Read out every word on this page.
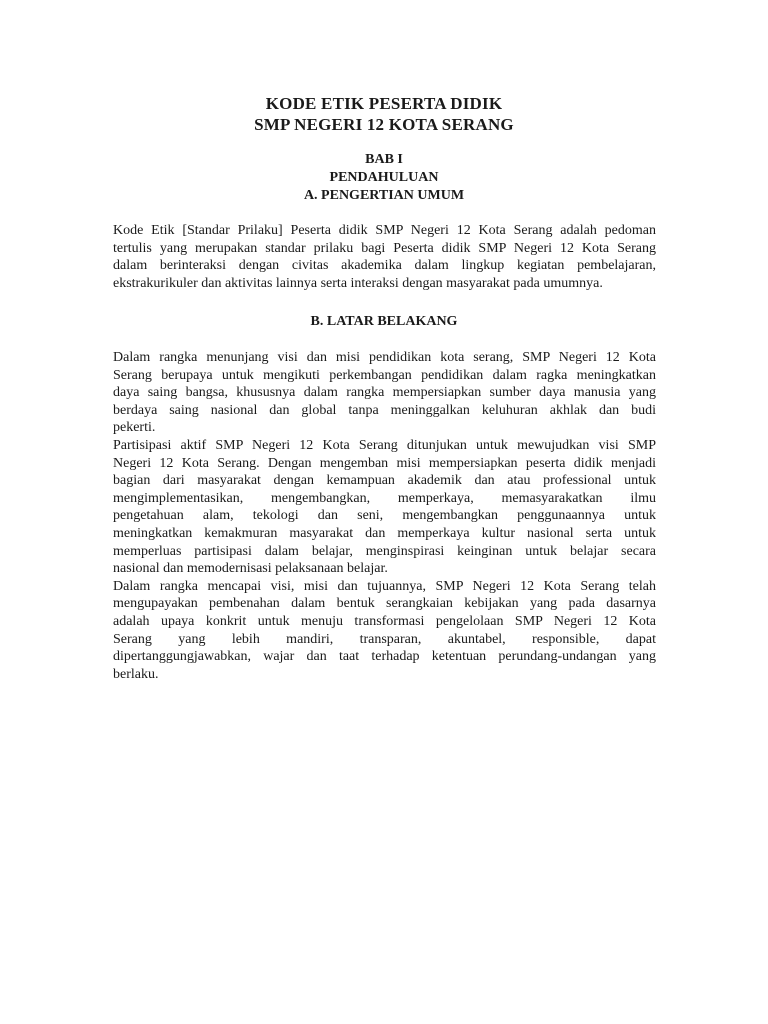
KODE ETIK PESERTA DIDIK
SMP NEGERI 12 KOTA SERANG
BAB I
PENDAHULUAN
A. PENGERTIAN UMUM
Kode Etik [Standar Prilaku] Peserta didik SMP Negeri 12 Kota Serang adalah pedoman
tertulis yang merupakan standar prilaku bagi Peserta didik SMP Negeri 12 Kota Serang
dalam berinteraksi dengan civitas akademika dalam lingkup kegiatan pembelajaran,
ekstrakurikuler dan aktivitas lainnya serta interaksi dengan masyarakat pada umumnya.
B. LATAR BELAKANG
Dalam rangka menunjang visi dan misi pendidikan kota serang, SMP Negeri 12 Kota
Serang berupaya untuk mengikuti perkembangan pendidikan dalam ragka meningkatkan
daya saing bangsa, khususnya dalam rangka mempersiapkan sumber daya manusia yang
berdaya saing nasional dan global tanpa meninggalkan keluhuran akhlak dan budi
pekerti.
Partisipasi aktif SMP Negeri 12 Kota Serang ditunjukan untuk mewujudkan visi SMP
Negeri 12 Kota Serang. Dengan mengemban misi mempersiapkan peserta didik menjadi
bagian dari masyarakat dengan kemampuan akademik dan atau professional untuk
mengimplementasikan, mengembangkan, memperkaya, memasyarakatkan ilmu
pengetahuan alam, tekologi dan seni, mengembangkan penggunaannya untuk
meningkatkan kemakmuran masyarakat dan memperkaya kultur nasional serta untuk
memperluas partisipasi dalam belajar, menginspirasi keinginan untuk belajar secara
nasional dan memodernisasi pelaksanaan belajar.
Dalam rangka mencapai visi, misi dan tujuannya, SMP Negeri 12 Kota Serang telah
mengupayakan pembenahan dalam bentuk serangkaian kebijakan yang pada dasarnya
adalah upaya konkrit untuk menuju transformasi pengelolaan SMP Negeri 12 Kota
Serang yang lebih mandiri, transparan, akuntabel, responsible, dapat
dipertanggungjawabkan, wajar dan taat terhadap ketentuan perundang-undangan yang
berlaku.
